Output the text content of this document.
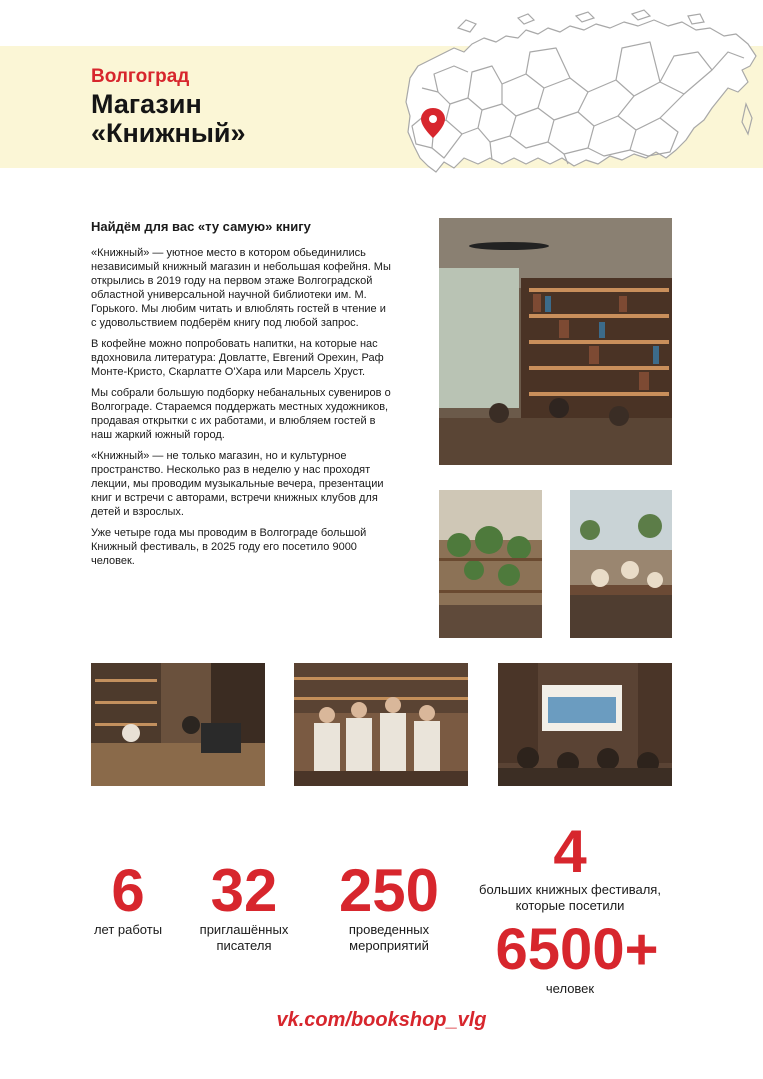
Волгоград
Магазин
«Книжный»
Найдём для вас «ту самую» книгу

«Книжный» — уютное место в котором обьединились независимый книжный магазин и небольшая кофейня. Мы открылись в 2019 году на первом этаже Волгоградской областной универсальной научной библиотеки им. М. Горького. Мы любим читать и влюблять гостей в чтение и с удовольствием подберём книгу под любой запрос.

В кофейне можно попробовать напитки, на которые нас вдохновила литература: Довлатте, Евгений Орехин, Раф Монте-Кристо, Скарлатте О'Хара или Марсель Хруст.

Мы собрали большую подборку небанальных сувениров о Волгограде. Стараемся поддержать местных художников, продавая открытки с их работами, и влюбляем гостей в наш жаркий южный город.

«Книжный» — не только магазин, но и культурное пространство. Несколько раз в неделю у нас проходят лекции, мы проводим музыкальные вечера, презентации книг и встречи с авторами, встречи книжных клубов для детей и взрослых.

Уже четыре года мы проводим в Волгограде большой Книжный фестиваль, в 2025 году его посетило 9000 человек.

6
лет работы
32
приглашённых
писателя
250
проведенных
мероприятий
4
больших книжных фестиваля,
которые посетили
6500+
человек
vk.com/bookshop_vlg
